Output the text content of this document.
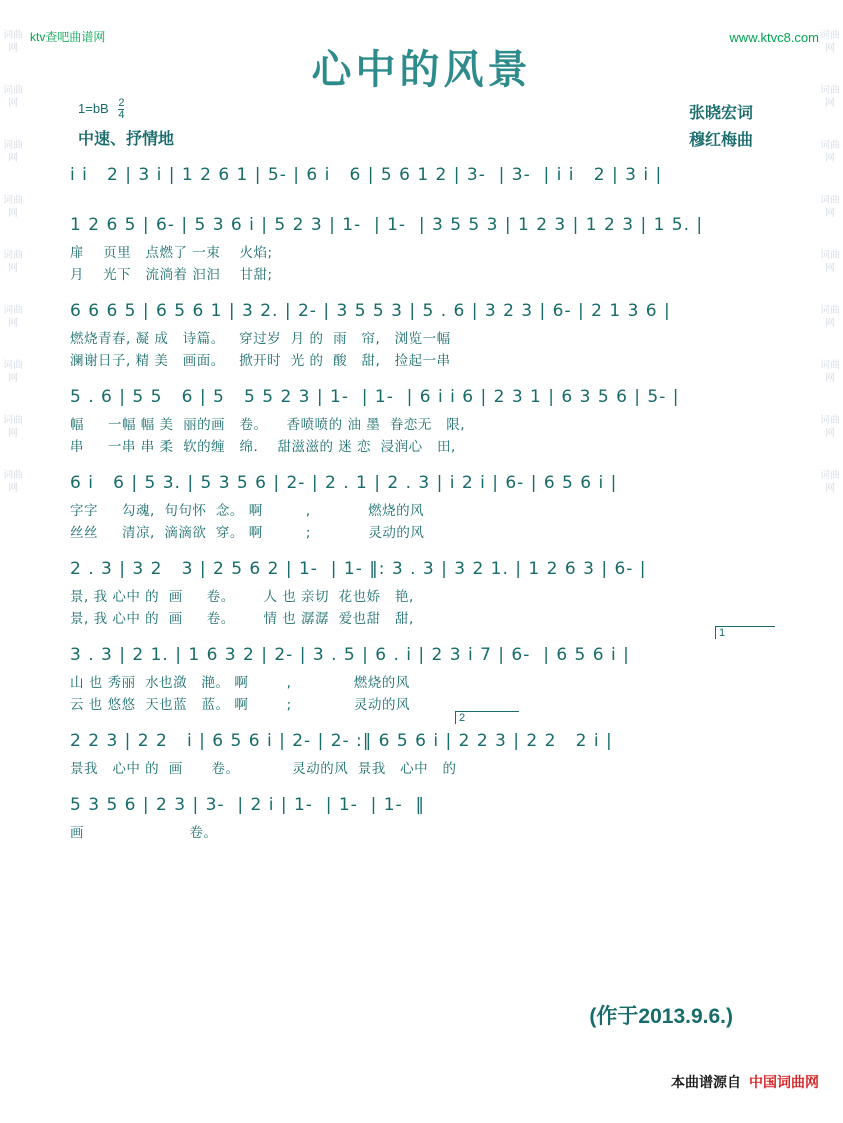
词曲网
词曲网
词曲网
词曲网
词曲网
词曲网
词曲网
词曲网
词曲网
词曲网
词曲网
词曲网
词曲网
词曲网
词曲网
词曲网
词曲网
词曲网
ktv查吧曲谱网	www.ktvc8.com
心中的风景
$1=bB \frac{2}{4}$
中速、抒情地
张晓宏词
穆红梅曲
i i   2 | 3 i | 1 2 6 1 | 5- | 6 i   6 | 5 6 1 2 | 3-  | 3-  | i i   2 | 3 i |
1 2 6 5 | 6- | 5 3 6 i | 5 2 3 | 1-  | 1-  | 3 5 5 3 | 1 2 3 | 1 2 3 | 1 5. |
扉    页里   点燃了 一束    火焰;
月    光下   流淌着 汩汩    甘甜;
6 6 6 5 | 6 5 6 1 | 3 2. | 2- | 3 5 5 3 | 5 . 6 | 3 2 3 | 6- | 2 1 3 6 |
燃烧青春, 凝 成   诗篇。   穿过岁  月 的  雨   帘,   浏览一幅
澜谢日子, 精 美   画面。   掀开时  光 的  酸   甜,   捡起一串
5 . 6 | 5 5   6 | 5   5 5 2 3 | 1-  | 1-  | 6 i i 6 | 2 3 1 | 6 3 5 6 | 5- |
幅     一幅 幅 美  丽的画   卷。    香喷喷的 油 墨  眷恋无   限,
串     一串 串 柔  软的缠   绵.    甜滋滋的 迷 恋  浸润心   田,
6 i   6 | 5 3. | 5 3 5 6 | 2- | 2 . 1 | 2 . 3 | i 2 i | 6- | 6 5 6 i |
字字     勾魂,  句句怀  念。 啊         ,            燃烧的风
丝丝     清凉,  滴滴欲  穿。 啊         ;            灵动的风
2 . 3 | 3 2   3 | 2 5 6 2 | 1-  | 1- ‖: 3 . 3 | 3 2 1. | 1 2 6 3 | 6- |
景, 我 心中 的  画     卷。      人 也 亲切  花也娇   艳,
景, 我 心中 的  画     卷。      情 也 潺潺  爱也甜   甜,
1
3 . 3 | 2 1. | 1 6 3 2 | 2- | 3 . 5 | 6 . i | 2 3 i 7 | 6-  | 6 5 6 i |
山 也 秀丽  水也潋   滟。 啊        ,             燃烧的风
云 也 悠悠  天也蓝   蓝。 啊        ;             灵动的风
2
2 2 3 | 2 2   i | 6 5 6 i | 2- | 2- :‖ 6 5 6 i | 2 2 3 | 2 2   2 i |
景我   心中 的  画      卷。           灵动的风  景我   心中   的
5 3 5 6 | 2 3 | 3-  | 2 i | 1-  | 1-  | 1-  ‖
画                      卷。
(作于2013.9.6.)
本曲谱源自 中国词曲网
